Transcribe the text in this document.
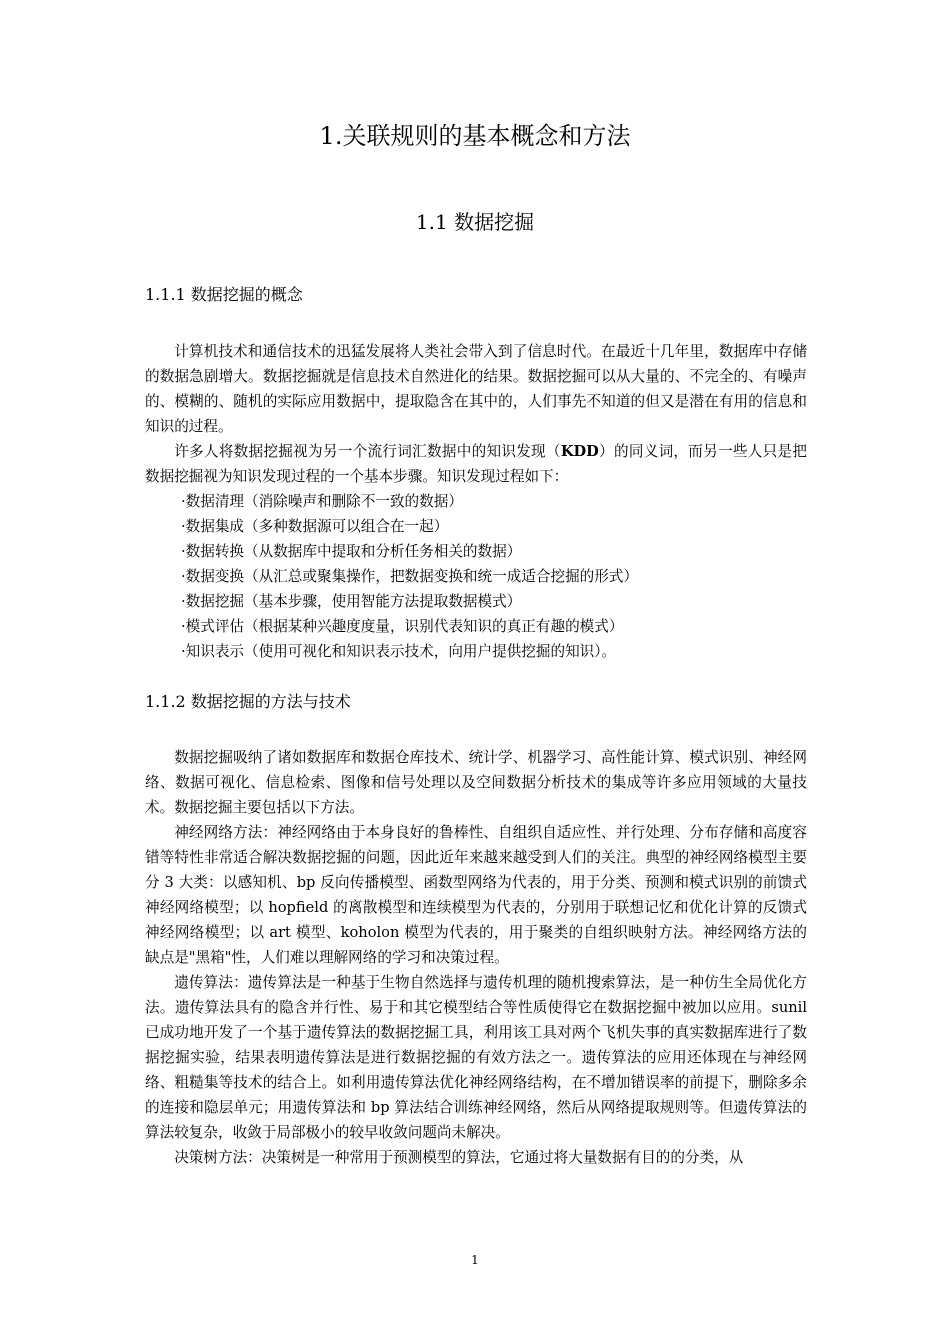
1.关联规则的基本概念和方法
1.1 数据挖掘
1.1.1 数据挖掘的概念

计算机技术和通信技术的迅猛发展将人类社会带入到了信息时代。在最近十几年里，数据库中存储的数据急剧增大。数据挖掘就是信息技术自然进化的结果。数据挖掘可以从大量的、不完全的、有噪声的、模糊的、随机的实际应用数据中，提取隐含在其中的，人们事先不知道的但又是潜在有用的信息和知识的过程。

许多人将数据挖掘视为另一个流行词汇数据中的知识发现（KDD）的同义词，而另一些人只是把数据挖掘视为知识发现过程的一个基本步骤。知识发现过程如下：

·数据清理（消除噪声和删除不一致的数据）
·数据集成（多种数据源可以组合在一起）
·数据转换（从数据库中提取和分析任务相关的数据）
·数据变换（从汇总或聚集操作，把数据变换和统一成适合挖掘的形式）
·数据挖掘（基本步骤，使用智能方法提取数据模式）
·模式评估（根据某种兴趣度度量，识别代表知识的真正有趣的模式）
·知识表示（使用可视化和知识表示技术，向用户提供挖掘的知识）。
1.1.2 数据挖掘的方法与技术

数据挖掘吸纳了诸如数据库和数据仓库技术、统计学、机器学习、高性能计算、模式识别、神经网络、数据可视化、信息检索、图像和信号处理以及空间数据分析技术的集成等许多应用领域的大量技术。数据挖掘主要包括以下方法。

神经网络方法：神经网络由于本身良好的鲁棒性、自组织自适应性、并行处理、分布存储和高度容错等特性非常适合解决数据挖掘的问题，因此近年来越来越受到人们的关注。典型的神经网络模型主要分 3 大类：以感知机、bp 反向传播模型、函数型网络为代表的，用于分类、预测和模式识别的前馈式神经网络模型；以 hopfield 的离散模型和连续模型为代表的，分别用于联想记忆和优化计算的反馈式神经网络模型；以 art 模型、koholon 模型为代表的，用于聚类的自组织映射方法。神经网络方法的缺点是"黑箱"性，人们难以理解网络的学习和决策过程。

遗传算法：遗传算法是一种基于生物自然选择与遗传机理的随机搜索算法，是一种仿生全局优化方法。遗传算法具有的隐含并行性、易于和其它模型结合等性质使得它在数据挖掘中被加以应用。sunil 已成功地开发了一个基于遗传算法的数据挖掘工具，利用该工具对两个飞机失事的真实数据库进行了数据挖掘实验，结果表明遗传算法是进行数据挖掘的有效方法之一。遗传算法的应用还体现在与神经网络、粗糙集等技术的结合上。如利用遗传算法优化神经网络结构，在不增加错误率的前提下，删除多余的连接和隐层单元；用遗传算法和 bp 算法结合训练神经网络，然后从网络提取规则等。但遗传算法的算法较复杂，收敛于局部极小的较早收敛问题尚未解决。

决策树方法：决策树是一种常用于预测模型的算法，它通过将大量数据有目的的分类，从

1
